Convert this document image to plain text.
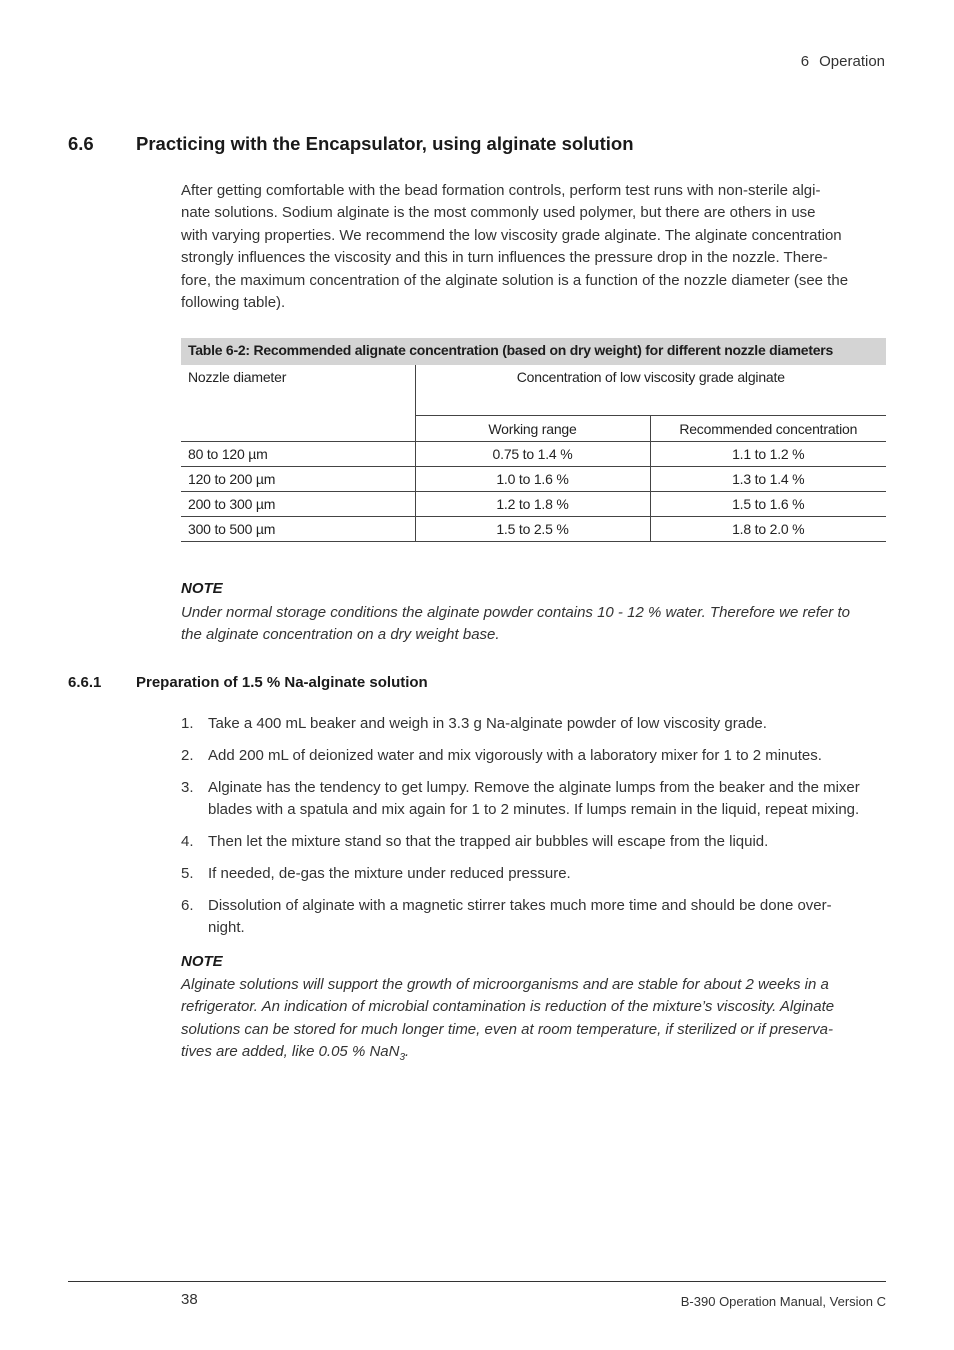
6 Operation
6.6 Practicing with the Encapsulator, using alginate solution
After getting comfortable with the bead formation controls, perform test runs with non-sterile algi-
nate solutions. Sodium alginate is the most commonly used polymer, but there are others in use
with varying properties. We recommend the low viscosity grade alginate. The alginate concentration
strongly influences the viscosity and this in turn influences the pressure drop in the nozzle. There-
fore, the maximum concentration of the alginate solution is a function of the nozzle diameter (see the
following table).
Table 6-2: Recommended alignate concentration (based on dry weight) for different nozzle diameters
Nozzle diameter	Concentration of low viscosity grade alginate	
	Working range	Recommended concentration
80 to 120 µm	0.75 to 1.4 %	1.1 to 1.2 %
120 to 200 µm	1.0 to 1.6 %	1.3 to 1.4 %
200 to 300 µm	1.2 to 1.8 %	1.5 to 1.6 %
300 to 500 µm	1.5 to 2.5 %	1.8 to 2.0 %
NOTE
Under normal storage conditions the alginate powder contains 10 - 12 % water. Therefore we refer to
the alginate concentration on a dry weight base.
6.6.1 Preparation of 1.5 % Na-alginate solution
1. Take a 400 mL beaker and weigh in 3.3 g Na-alginate powder of low viscosity grade.
2. Add 200 mL of deionized water and mix vigorously with a laboratory mixer for 1 to 2 minutes.
3. Alginate has the tendency to get lumpy. Remove the alginate lumps from the beaker and the mixer
blades with a spatula and mix again for 1 to 2 minutes. If lumps remain in the liquid, repeat mixing.
4. Then let the mixture stand so that the trapped air bubbles will escape from the liquid.
5. If needed, de-gas the mixture under reduced pressure.
6. Dissolution of alginate with a magnetic stirrer takes much more time and should be done over-
night.
NOTE
Alginate solutions will support the growth of microorganisms and are stable for about 2 weeks in a
refrigerator. An indication of microbial contamination is reduction of the mixture’s viscosity. Alginate
solutions can be stored for much longer time, even at room temperature, if sterilized or if preserva-
tives are added, like 0.05 % NaN$_3$.
38	B-390 Operation Manual, Version C
